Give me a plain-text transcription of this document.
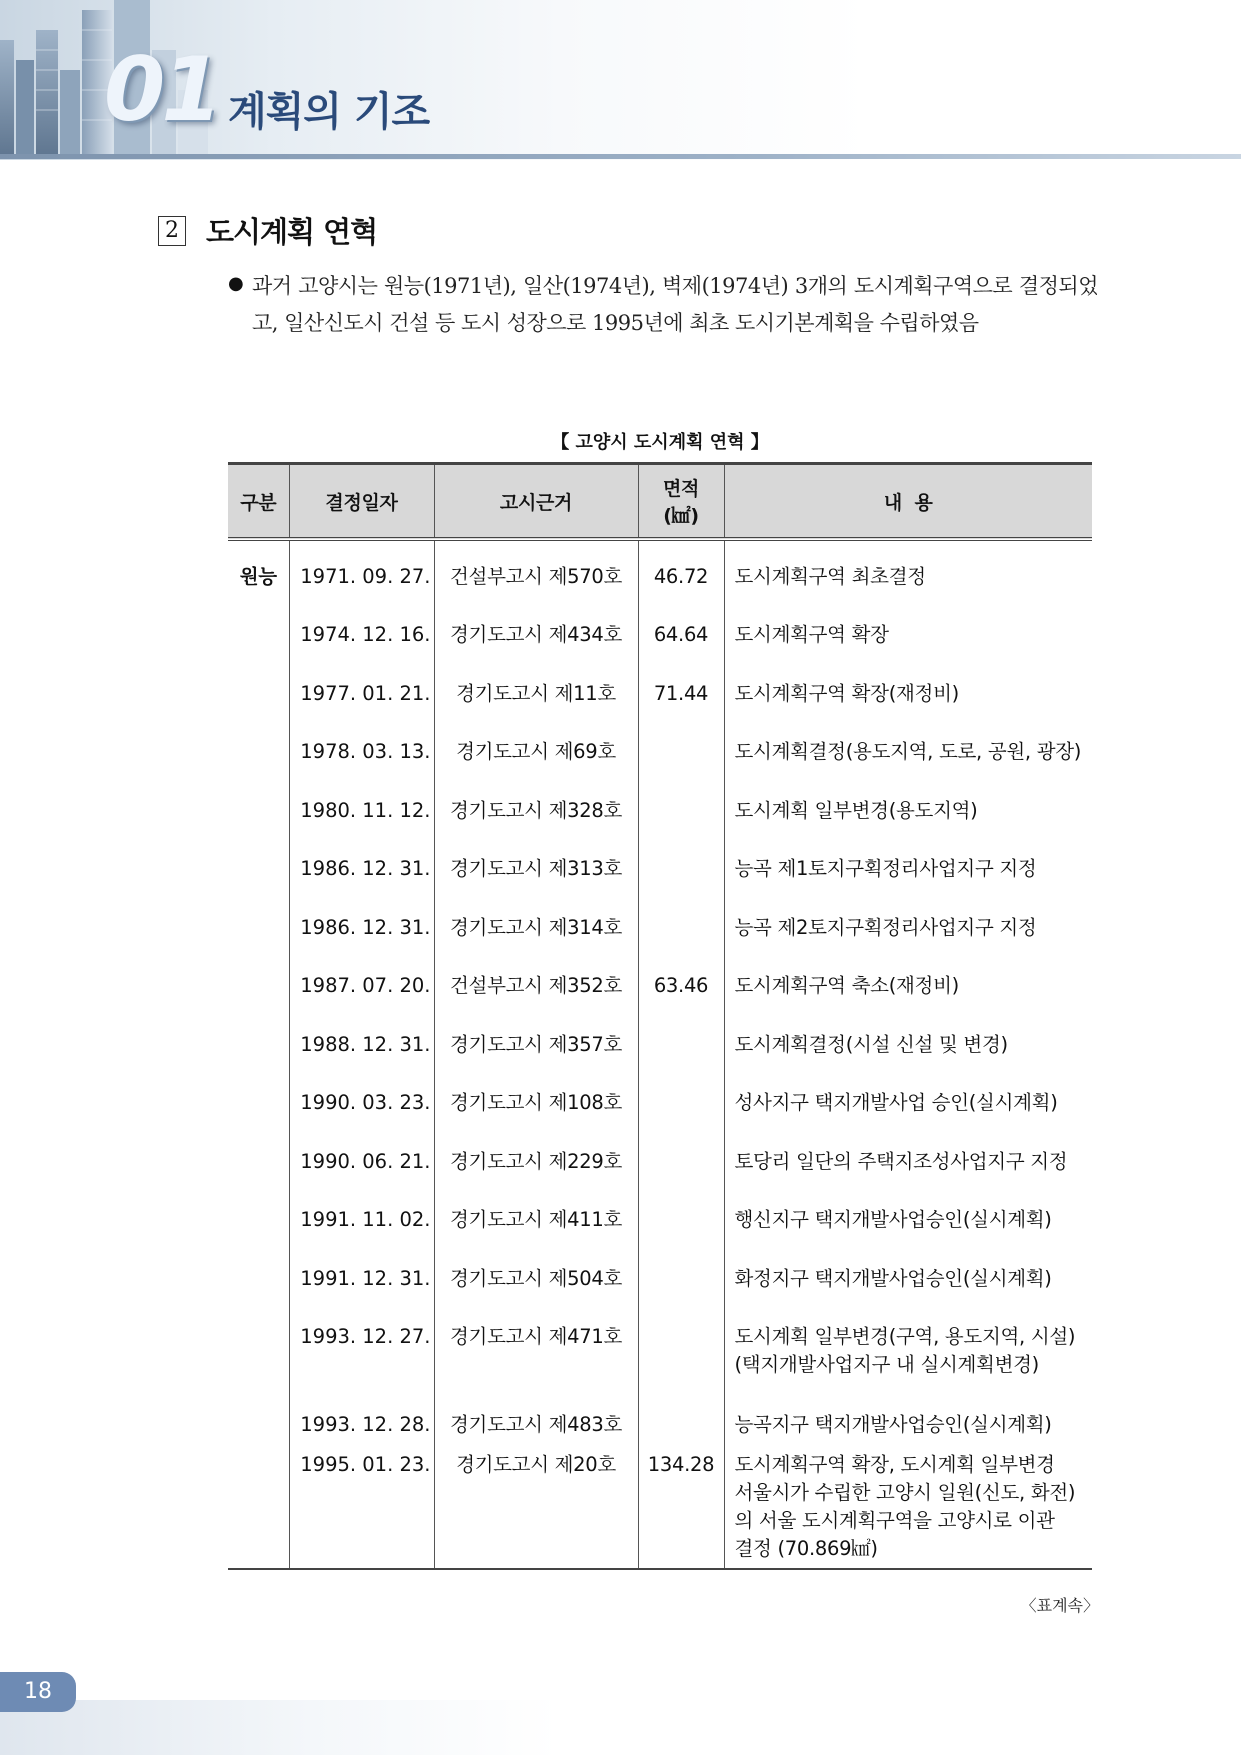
01 계획의 기조
2 도시계획 연혁
● 과거 고양시는 원능(1971년), 일산(1974년), 벽제(1974년) 3개의 도시계획구역으로 결정되었고, 일산신도시 건설 등 도시 성장으로 1995년에 최초 도시기본계획을 수립하였음
【 고양시 도시계획 연혁 】
구분	결정일자	고시근거	면적
(㎢)	내  용
원능	1971. 09. 27.	건설부고시 제570호	46.72	도시계획구역 최초결정
	1974. 12. 16.	경기도고시 제434호	64.64	도시계획구역 확장
	1977. 01. 21.	경기도고시 제11호	71.44	도시계획구역 확장(재정비)
	1978. 03. 13.	경기도고시 제69호		도시계획결정(용도지역, 도로, 공원, 광장)
	1980. 11. 12.	경기도고시 제328호		도시계획 일부변경(용도지역)
	1986. 12. 31.	경기도고시 제313호		능곡 제1토지구획정리사업지구 지정
	1986. 12. 31.	경기도고시 제314호		능곡 제2토지구획정리사업지구 지정
	1987. 07. 20.	건설부고시 제352호	63.46	도시계획구역 축소(재정비)
	1988. 12. 31.	경기도고시 제357호		도시계획결정(시설 신설 및 변경)
	1990. 03. 23.	경기도고시 제108호		성사지구 택지개발사업 승인(실시계획)
	1990. 06. 21.	경기도고시 제229호		토당리 일단의 주택지조성사업지구 지정
	1991. 11. 02.	경기도고시 제411호		행신지구 택지개발사업승인(실시계획)
	1991. 12. 31.	경기도고시 제504호		화정지구 택지개발사업승인(실시계획)
	1993. 12. 27.	경기도고시 제471호		도시계획 일부변경(구역, 용도지역, 시설)
(택지개발사업지구 내 실시계획변경)
	1993. 12. 28.	경기도고시 제483호		능곡지구 택지개발사업승인(실시계획)
	1995. 01. 23.	경기도고시 제20호	134.28	도시계획구역 확장, 도시계획 일부변경
서울시가 수립한 고양시 일원(신도, 화전)
의 서울 도시계획구역을 고양시로 이관
결정 (70.869㎢)
〈표계속〉
18
